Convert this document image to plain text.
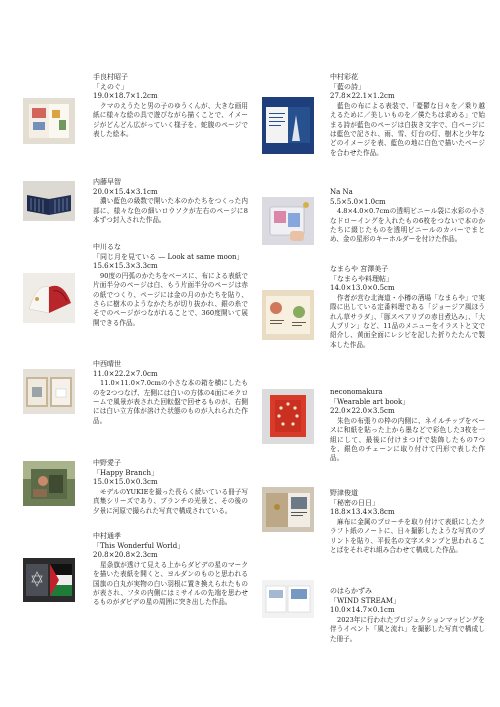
手良村昭子
「えのぐ」
19.0×18.7×1.2cm
クマのえうたと男の子のゆうくんが、大きな画用紙に様々な絵の具で遊びながら描くことで、イメージがどんどん広がっていく様子を、蛇腹のページで表した絵本。
内藤早智
20.0×15.4×3.1cm
濃い藍色の級数で開いた本のかたちをつくった内部に、様々な色の細いロウソクが左右のページに8本ずつ封入された作品。
中川るな
「同じ月を見ている — Look at same moon」
15.6×15.3×3.3cm
90度の円弧のかたちをベースに、布による表紙で片面半分のページは白、もう片面半分のページは赤の紙でつくり、ページには金の月のかたちを貼り、さらに樹木のようなかたちが切り抜かれ、銀の糸でそでのページがつながれることで、360度開いて展開できる作品。
中西晴世
11.0×22.2×7.0cm
11.0×11.0×7.0cmの小さな本の箱を横にしたものを2つつなげ、左側には白いの方体の4面にモクロームで風景が表された回転盤で回せるものが、右側には白い立方体が溶けた状態のものが入れられた作品。
中野愛子
「Happy Branch」
15.0×15.0×0.3cm
モデルのYUKIEを撮った長らく続いている冊子写真集シリーズであり、ブランチの光景と、その後の夕景に河原で撮られた写真で構成されている。
中村通孝
「This Wonderful World」
20.8×20.8×2.3cm
星条旗が透けて見える上からダビデの星のマークを描いた表紙を開くと、ヨルダンのものと思われる国旗の白丸が実物の白い羽根に置き換えられたものが表され、フタの内側にはミサイルの先端を思わせるものがダビデの星の周囲に突き出した作品。
中村彩花
「藍の詩」
27.8×22.1×1.2cm
藍色の布による表装で、「憂鬱な日々を／乗り越えるために／美しいものを／僕たちは求める」で始まる詩が藍色のページは白抜き文字で、白ページには藍色で記され、雨、雪、灯台の灯、樹木と少年などのイメージを表、藍色の地に白色で描いたページを合わせた作品。
Na Na
5.5×5.0×1.0cm
4.8×4.0×0.7cmの透明ビニール袋に水彩の小さなドローイングを入れたもの6枚をつないで本のかたちに綴じたものを透明ビニールのカバーでまとめ、金の星形のキーホルダーを付けた作品。
なまらや 宮澤美子
「なまらや料理帖」
14.0×13.0×0.5cm
作者が営む北海道・小樽の酒場「なまらや」で実際に出している定番料理である「ジョージア風ほうれん草サラダ」、「豚スペアリブの赤目煮込み」、「大人プリン」など、11品のメニューをイラストと文で紹介し、黄面全面にレシピを記した折りたたんで製本した作品。
neconomakura
「Wearable art book」
22.0×22.0×3.5cm
朱色の布張りの枠の内側に、ネイルチップをベースに和紙を貼った上から墨などで彩色した3枚を一組にして、最後に付けまつげで装飾したもの7つを、銀色のチェーンに取り付けて円形で表した作品。
野津俊道
「秘密の日日」
18.8×13.4×3.8cm
麻布に金属のプローチを取り付けて表紙にしたクラフト紙のノートに、日々撮影したような写真のプリントを貼り、平仮名の文字スタンプと思われることばをそれぞれ組み合わせて構成した作品。
のはらかずみ
「WIND STREAM」
10.0×14.7×0.1cm
2023年に行われたプロジェクションマッピングを伴うイベント「風と流れ」を撮影した写真で構成した冊子。
